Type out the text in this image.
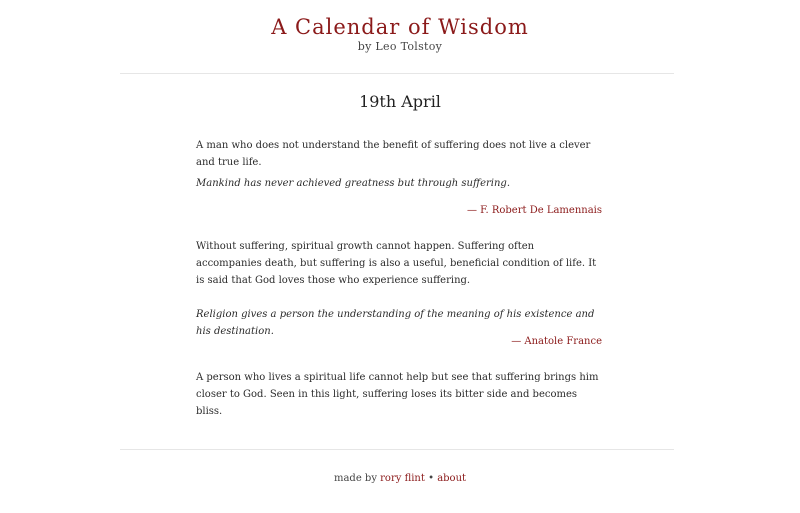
A Calendar of Wisdom
by Leo Tolstoy
19th April

A man who does not understand the benefit of suffering does not live a clever and true life.

Mankind has never achieved greatness but through suffering.

— F. Robert De Lamennais

Without suffering, spiritual growth cannot happen. Suffering often accompanies death, but suffering is also a useful, beneficial condition of life. It is said that God loves those who experience suffering.

Religion gives a person the understanding of the meaning of his existence and his destination.

— Anatole France

A person who lives a spiritual life cannot help but see that suffering brings him closer to God. Seen in this light, suffering loses its bitter side and becomes bliss.

made by rory flint • about
